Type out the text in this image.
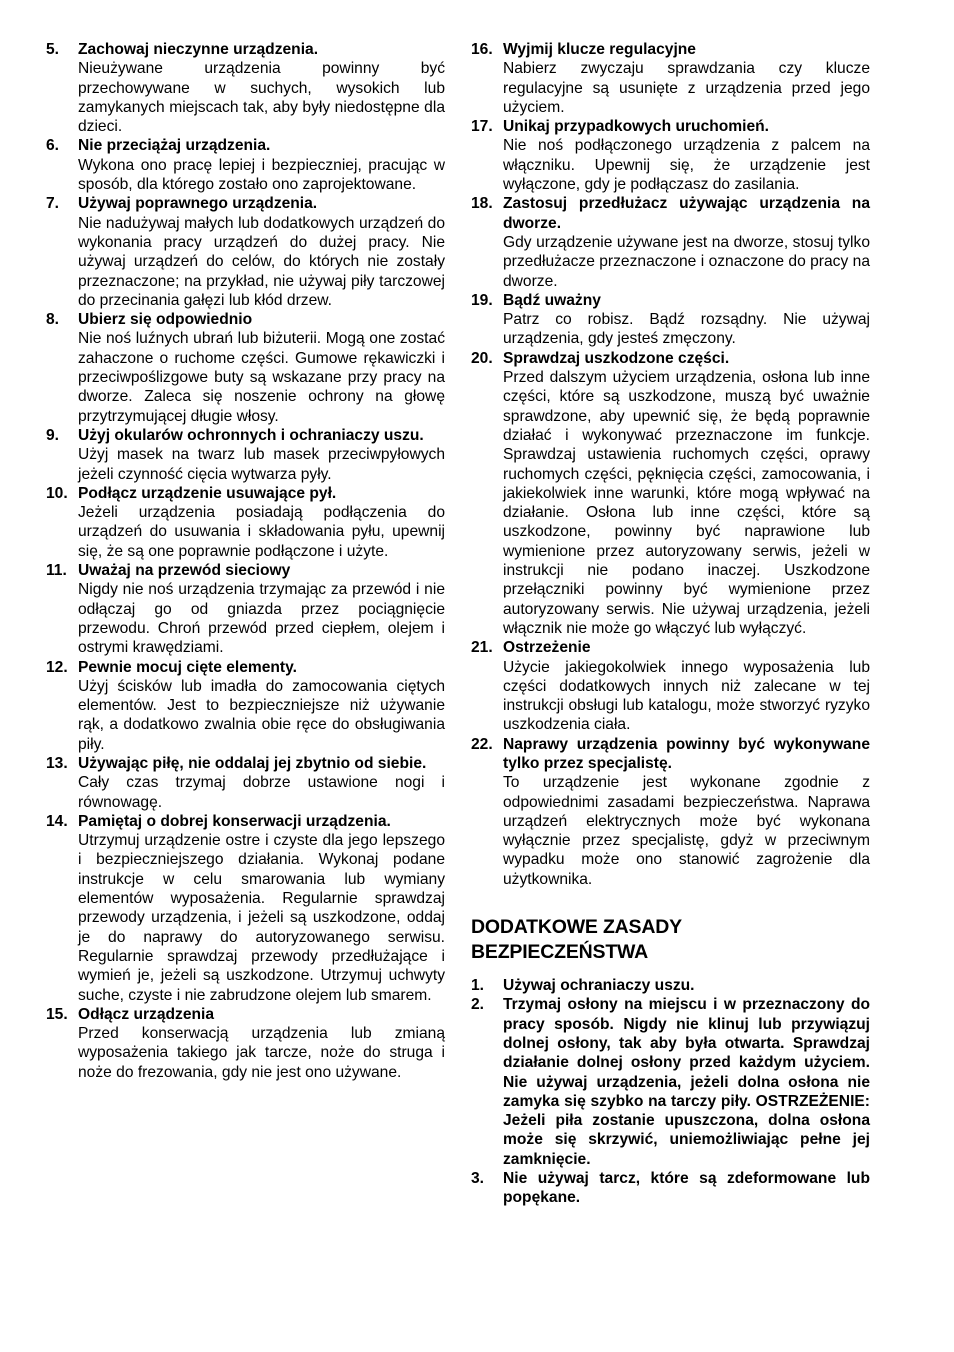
5. Zachowaj nieczynne urządzenia.
Nieużywane urządzenia powinny być przechowywane w suchych, wysokich lub zamykanych miejscach tak, aby były niedostępne dla dzieci.
6. Nie przeciążaj urządzenia.
Wykona ono pracę lepiej i bezpieczniej, pracując w sposób, dla którego zostało ono zaprojektowane.
7. Używaj poprawnego urządzenia.
Nie nadużywaj małych lub dodatkowych urządzeń do wykonania pracy urządzeń do dużej pracy. Nie używaj urządzeń do celów, do których nie zostały przeznaczone; na przykład, nie używaj piły tarczowej do przecinania gałęzi lub kłód drzew.
8. Ubierz się odpowiednio
Nie noś luźnych ubrań lub biżuterii. Mogą one zostać zahaczone o ruchome części. Gumowe rękawiczki i przeciwpoślizgowe buty są wskazane przy pracy na dworze. Zaleca się noszenie ochrony na głowę przytrzymującej długie włosy.
9. Użyj okularów ochronnych i ochraniaczy uszu.
Użyj masek na twarz lub masek przeciwpyłowych jeżeli czynność cięcia wytwarza pyły.
10. Podłącz urządzenie usuwające pył.
Jeżeli urządzenia posiadają podłączenia do urządzeń do usuwania i składowania pyłu, upewnij się, że są one poprawnie podłączone i użyte.
11. Uważaj na przewód sieciowy
Nigdy nie noś urządzenia trzymając za przewód i nie odłączaj go od gniazda przez pociągnięcie przewodu. Chroń przewód przed ciepłem, olejem i ostrymi krawędziami.
12. Pewnie mocuj cięte elementy.
Użyj ścisków lub imadła do zamocowania ciętych elementów. Jest to bezpieczniejsze niż używanie rąk, a dodatkowo zwalnia obie ręce do obsługiwania piły.
13. Używając piłę, nie oddalaj jej zbytnio od siebie.
Cały czas trzymaj dobrze ustawione nogi i równowagę.
14. Pamiętaj o dobrej konserwacji urządzenia.
Utrzymuj urządzenie ostre i czyste dla jego lepszego i bezpieczniejszego działania. Wykonaj podane instrukcje w celu smarowania lub wymiany elementów wyposażenia. Regularnie sprawdzaj przewody urządzenia, i jeżeli są uszkodzone, oddaj je do naprawy do autoryzowanego serwisu. Regularnie sprawdzaj przewody przedłużające i wymień je, jeżeli są uszkodzone. Utrzymuj uchwyty suche, czyste i nie zabrudzone olejem lub smarem.
15. Odłącz urządzenia
Przed konserwacją urządzenia lub zmianą wyposażenia takiego jak tarcze, noże do struga i noże do frezowania, gdy nie jest ono używane.
16. Wyjmij klucze regulacyjne
Nabierz zwyczaju sprawdzania czy klucze regulacyjne są usunięte z urządzenia przed jego użyciem.
17. Unikaj przypadkowych uruchomień.
Nie noś podłączonego urządzenia z palcem na włączniku. Upewnij się, że urządzenie jest wyłączone, gdy je podłączasz do zasilania.
18. Zastosuj przedłużacz używając urządzenia na dworze.
Gdy urządzenie używane jest na dworze, stosuj tylko przedłużacze przeznaczone i oznaczone do pracy na dworze.
19. Bądź uważny
Patrz co robisz. Bądź rozsądny. Nie używaj urządzenia, gdy jesteś zmęczony.
20. Sprawdzaj uszkodzone części.
Przed dalszym użyciem urządzenia, osłona lub inne części, które są uszkodzone, muszą być uważnie sprawdzone, aby upewnić się, że będą poprawnie działać i wykonywać przeznaczone im funkcje. Sprawdzaj ustawienia ruchomych części, oprawy ruchomych części, pęknięcia części, zamocowania, i jakiekolwiek inne warunki, które mogą wpływać na działanie. Osłona lub inne części, które są uszkodzone, powinny być naprawione lub wymienione przez autoryzowany serwis, jeżeli w instrukcji nie podano inaczej. Uszkodzone przełączniki powinny być wymienione przez autoryzowany serwis. Nie używaj urządzenia, jeżeli włącznik nie może go włączyć lub wyłączyć.
21. Ostrzeżenie
Użycie jakiegokolwiek innego wyposażenia lub części dodatkowych innych niż zalecane w tej instrukcji obsługi lub katalogu, może stworzyć ryzyko uszkodzenia ciała.
22. Naprawy urządzenia powinny być wykonywane tylko przez specjalistę.
To urządzenie jest wykonane zgodnie z odpowiednimi zasadami bezpieczeństwa. Naprawa urządzeń elektrycznych może być wykonana wyłącznie przez specjalistę, gdyż w przeciwnym wypadku może ono stanowić zagrożenie dla użytkownika.
DODATKOWE ZASADY
BEZPIECZEŃSTWA
1. Używaj ochraniaczy uszu.
2. Trzymaj osłony na miejscu i w przeznaczony do pracy sposób. Nigdy nie klinuj lub przywiązuj dolnej osłony, tak aby była otwarta. Sprawdzaj działanie dolnej osłony przed każdym użyciem. Nie używaj urządzenia, jeżeli dolna osłona nie zamyka się szybko na tarczy piły. OSTRZEŻENIE: Jeżeli piła zostanie upuszczona, dolna osłona może się skrzywić, uniemożliwiając pełne jej zamknięcie.
3. Nie używaj tarcz, które są zdeformowane lub popękane.
